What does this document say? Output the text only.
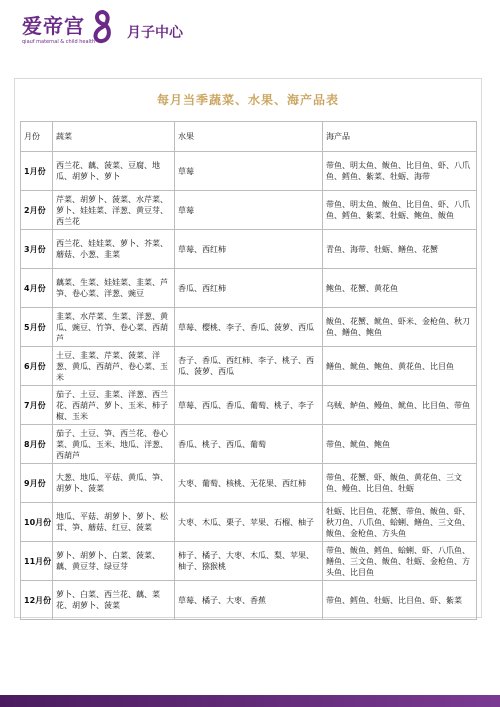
爱帝宫
qiauf maternal & child health
月子中心
每月当季蔬菜、水果、海产品表
月份	蔬菜	水果	海产品
1月份	西兰花、藕、菠菜、豆腐、地瓜、胡萝卜、萝卜	草莓	带鱼、明太鱼、鲅鱼、比目鱼、虾、八爪鱼、鳕鱼、紫菜、牡蛎、海带
2月份	芹菜、胡萝卜、菠菜、水芹菜、萝卜、娃娃菜、洋葱、黄豆芽、西兰花	草莓	带鱼、明太鱼、鲅鱼、比目鱼、虾、八爪鱼、鳕鱼、紫菜、牡蛎、鲍鱼、鲅鱼
3月份	西兰花、娃娃菜、萝卜、芥菜、蘑菇、小葱、韭菜	草莓、西红柿	青鱼、海带、牡蛎、鳝鱼、花蟹
4月份	藕菜、生菜、娃娃菜、韭菜、芦笋、卷心菜、洋葱、豌豆	香瓜、西红柿	鲍鱼、花蟹、黄花鱼
5月份	韭菜、水芹菜、生菜、洋葱、黄瓜、豌豆、竹笋、卷心菜、西葫芦	草莓、樱桃、李子、香瓜、菠萝、西瓜	鲅鱼、花蟹、鱿鱼、虾米、金枪鱼、秋刀鱼、鳝鱼、鲍鱼
6月份	土豆、韭菜、芹菜、菠菜、洋葱、黄瓜、西葫芦、卷心菜、玉米	杏子、香瓜、西红柿、李子、桃子、西瓜、菠萝、西瓜	鳝鱼、鱿鱼、鲍鱼、黄花鱼、比目鱼
7月份	茄子、土豆、韭菜、洋葱、西兰花、西葫芦、萝卜、玉米、柿子椒、玉米	草莓、西瓜、香瓜、葡萄、桃子、李子	乌贼、鲈鱼、鳗鱼、鱿鱼、比目鱼、带鱼
8月份	茄子、土豆、笋、西兰花、卷心菜、黄瓜、玉米、地瓜、洋葱、西葫芦	香瓜、桃子、西瓜、葡萄	带鱼、鱿鱼、鲍鱼
9月份	大葱、地瓜、平菇、黄瓜、笋、胡萝卜、菠菜	大枣、葡萄、核桃、无花果、西红柿	带鱼、花蟹、虾、鲅鱼、黄花鱼、三文鱼、鳗鱼、比目鱼、牡蛎
10月份	地瓜、平菇、胡萝卜、萝卜、松茸、笋、蘑菇、红豆、菠菜	大枣、木瓜、栗子、苹果、石榴、柚子	牡蛎、比目鱼、花蟹、带鱼、鲅鱼、虾、秋刀鱼、八爪鱼、蛤蜊、鳝鱼、三文鱼、鲅鱼、金枪鱼、方头鱼
11月份	萝卜、胡萝卜、白菜、菠菜、藕、黄豆芽、绿豆芽	柿子、橘子、大枣、木瓜、梨、苹果、柚子、猕猴桃	带鱼、鲅鱼、鳕鱼、蛤蜊、虾、八爪鱼、鳝鱼、三文鱼、鲅鱼、牡蛎、金枪鱼、方头鱼、比目鱼
12月份	萝卜、白菜、西兰花、藕、菜花、胡萝卜、菠菜	草莓、橘子、大枣、香蕉	带鱼、鳕鱼、牡蛎、比目鱼、虾、紫菜
